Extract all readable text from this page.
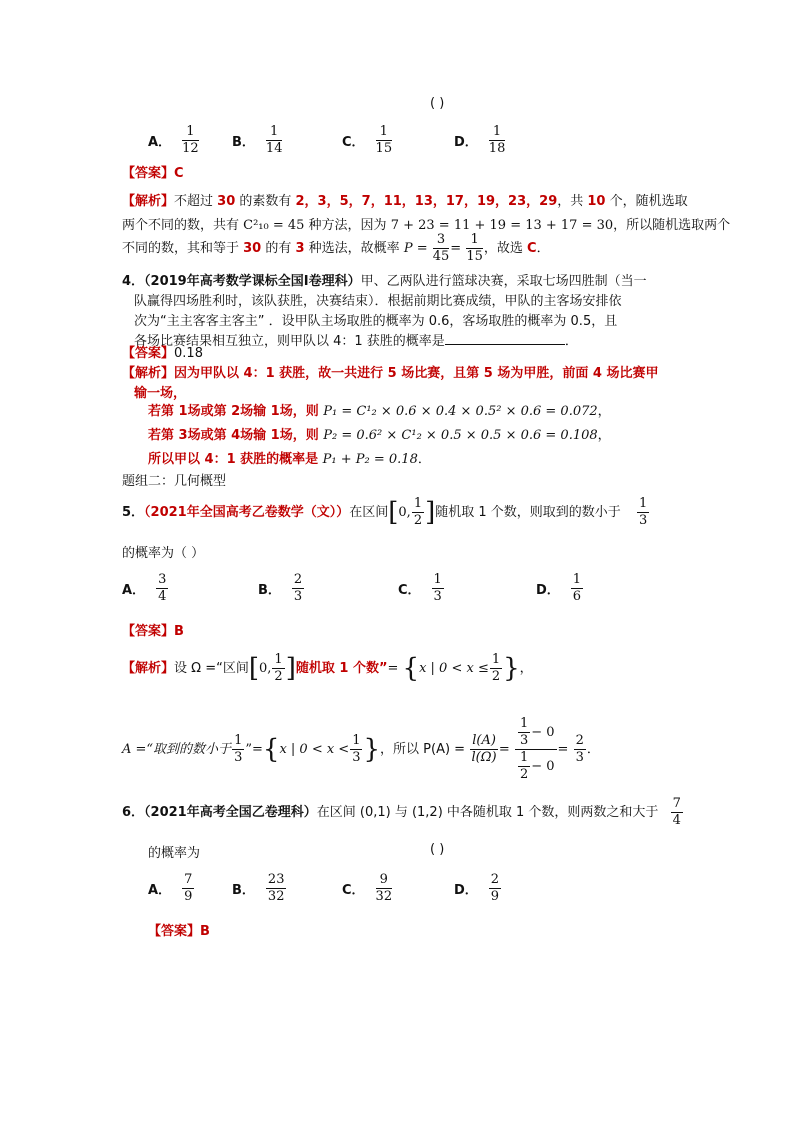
( )
A． $\frac{1}{12}$	B． $\frac{1}{14}$	C． $\frac{1}{15}$	D． $\frac{1}{18}$
【答案】C
【解析】不超过 30 的素数有 2，3，5，7，11，13，17，19，23，29，共 10 个，随机选取
两个不同的数，共有 C²₁₀ = 45 种方法，因为 7 + 23 = 11 + 19 = 13 + 17 = 30，所以随机选取两个
不同的数，其和等于 30 的有 3 种选法，故概率 $P = \frac{3}{45} = \frac{1}{15}$ ，故选 C．
4．（2019年高考数学课标全国Ⅰ卷理科）甲、乙两队进行篮球决赛，采取七场四胜制（当一
队赢得四场胜利时，该队获胜，决赛结束）．根据前期比赛成绩，甲队的主客场安排依
次为“主主客客主客主” ．设甲队主场取胜的概率为 0.6，客场取胜的概率为 0.5，且
各场比赛结果相互独立，则甲队以 4：1 获胜的概率是	．
【答案】0.18
【解析】因为甲队以 4：1 获胜，故一共进行 5 场比赛，且第 5 场为甲胜，前面 4 场比赛甲
输一场，
若第 1场或第 2场输 1场，则 P₁ = C¹₂ × 0.6 × 0.4 × 0.5² × 0.6 = 0.072，
若第 3场或第 4场输 1场，则 P₂ = 0.6² × C¹₂ × 0.5 × 0.5 × 0.6 = 0.108，
所以甲以 4：1 获胜的概率是 P₁ + P₂ = 0.18．
题组二：几何概型
5．（2021年全国高考乙卷数学（文））在区间[0, $\frac{1}{2}$ ]随机取 1 个数，则取到的数小于 $\frac{1}{3}$
的概率为（ ）
A． $\frac{3}{4}$	B． $\frac{2}{3}$	C． $\frac{1}{3}$	D． $\frac{1}{6}$
【答案】B
【解析】设 Ω =“区间[0, $\frac{1}{2}$ ]随机取 1 个数”= {x | $0 < x \le \frac{1}{2}$ }，
A =“取到的数小于 $\frac{1}{3}$ ”={x | $0 < x < \frac{1}{3}$ }，所以 $P(A) = \frac{l(A)}{l(\Omega)} = \frac{\frac{1}{3} - 0}{\frac{1}{2} - 0} = \frac{2}{3}$ ．
6．（2021年高考全国乙卷理科）在区间 (0,1) 与 (1,2) 中各随机取 1 个数，则两数之和大于 $\frac{7}{4}$
的概率为	( )
A． $\frac{7}{9}$	B． $\frac{23}{32}$	C． $\frac{9}{32}$	D． $\frac{2}{9}$
【答案】B
